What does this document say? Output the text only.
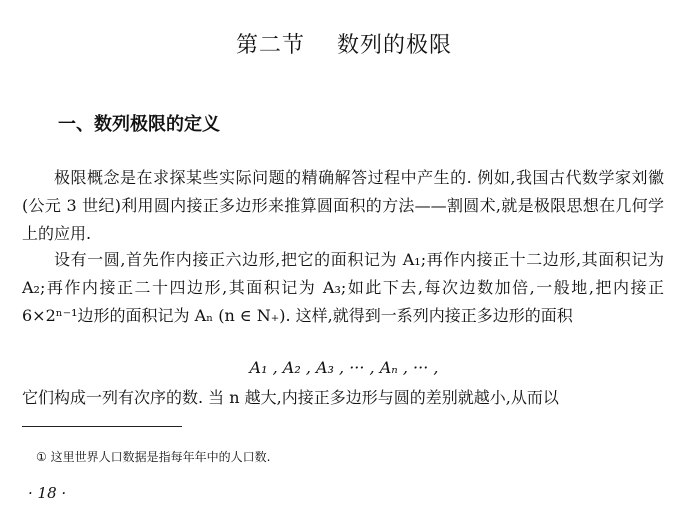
第二节    数列的极限
一、数列极限的定义
极限概念是在求探某些实际问题的精确解答过程中产生的. 例如,我国古代数学家刘徽(公元 3 世纪)利用圆内接正多边形来推算圆面积的方法——割圆术,就是极限思想在几何学上的应用.
设有一圆,首先作内接正六边形,把它的面积记为 A₁;再作内接正十二边形,其面积记为 A₂;再作内接正二十四边形,其面积记为 A₃;如此下去,每次边数加倍,一般地,把内接正 6×2ⁿ⁻¹边形的面积记为 Aₙ (n ∈ N₊). 这样,就得到一系列内接正多边形的面积
A₁ , A₂ , A₃ , ··· , Aₙ , ··· ,
它们构成一列有次序的数. 当 n 越大,内接正多边形与圆的差别就越小,从而以
① 这里世界人口数据是指每年年中的人口数.
· 18 ·
